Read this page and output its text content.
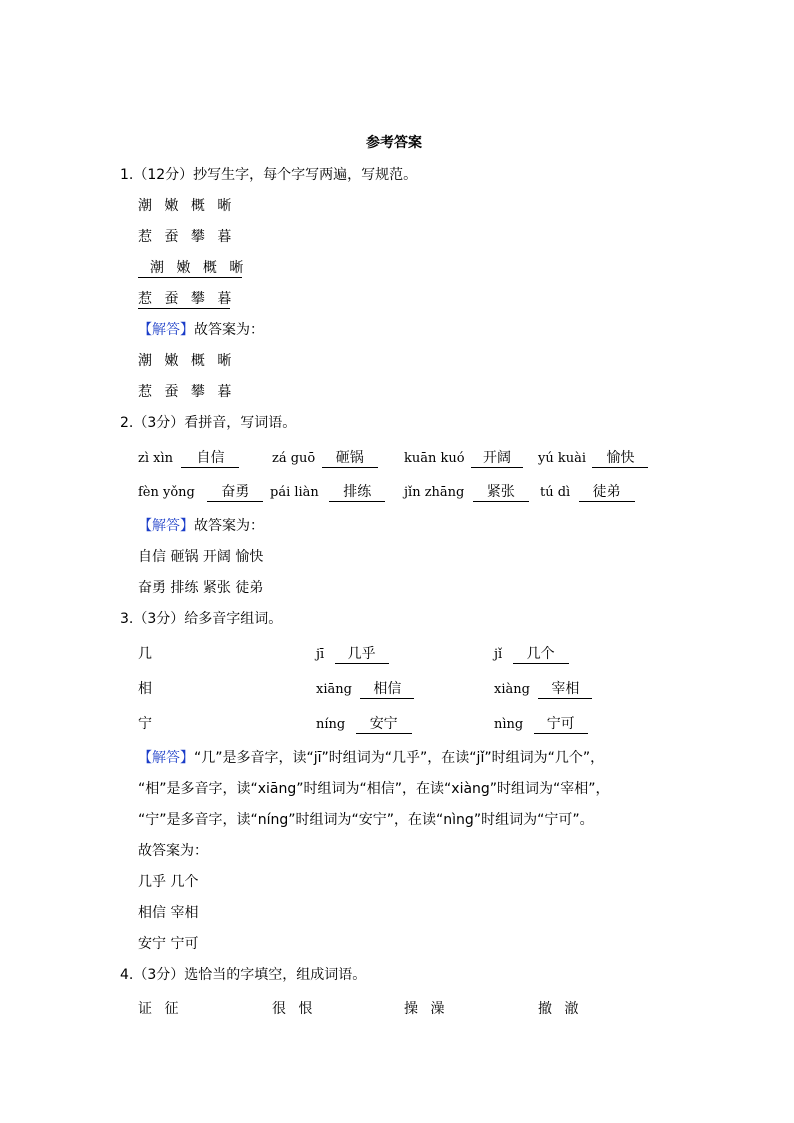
参考答案
1.（12分）抄写生字，每个字写两遍，写规范。
潮 嫩 概 晰
惹 蚕 攀 暮
潮 嫩 概 晰
惹 蚕 攀 暮
【解答】故答案为：
潮 嫩 概 晰
惹 蚕 攀 暮
2.（3分）看拼音，写词语。
zì xìn 自信	zá guō 砸锅	kuān kuó 开阔	yú kuài 愉快
fèn yǒng 奋勇	pái liàn 排练	jǐn zhāng 紧张	tú dì 徒弟
【解答】故答案为：
自信 砸锅 开阔 愉快
奋勇 排练 紧张 徒弟
3.（3分）给多音字组词。
几	jī 几乎	jǐ 几个
相	xiāng 相信	xiàng 宰相
宁	níng 安宁	nìng 宁可
【解答】“几”是多音字，读“jī”时组词为“几乎”，在读“jǐ”时组词为“几个”，
“相”是多音字，读“xiāng”时组词为“相信”，在读“xiàng”时组词为“宰相”，
“宁”是多音字，读“níng”时组词为“安宁”，在读“nìng”时组词为“宁可”。
故答案为：
几乎 几个
相信 宰相
安宁 宁可
4.（3分）选恰当的字填空，组成词语。
证 征	很 恨	操 澡	撤 澈
